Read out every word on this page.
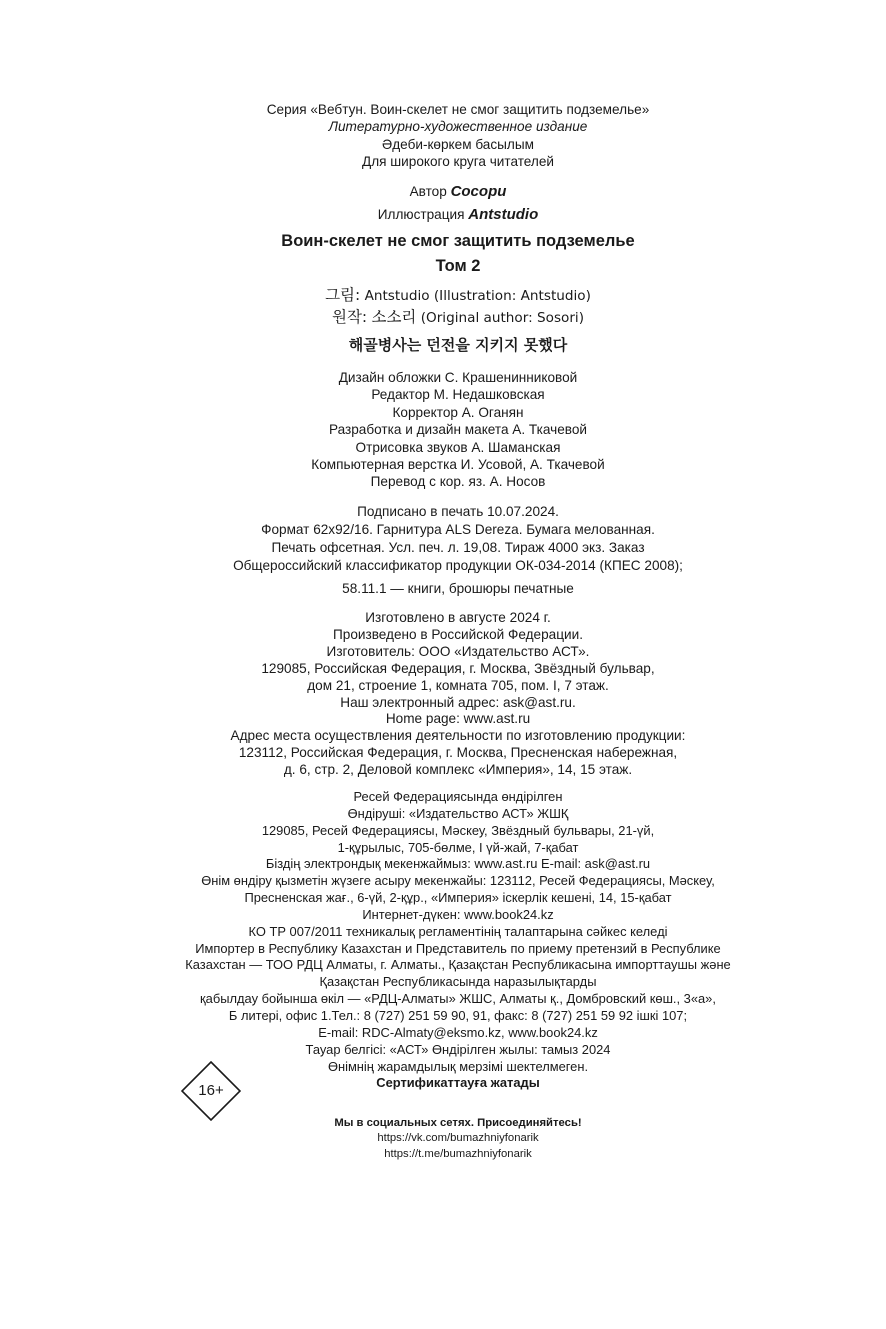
Серия «Вебтун. Воин-скелет не смог защитить подземелье»
Литературно-художественное издание
Әдеби-көркем басылым
Для широкого круга читателей
Автор Сосори
Иллюстрация Antstudio
Воин-скелет не смог защитить подземелье
Том 2
그림: Antstudio (Illustration: Antstudio)
원작: 소소리 (Original author: Sosori)
해골병사는 던전을 지키지 못했다
Дизайн обложки С. Крашенинниковой
Редактор М. Недашковская
Корректор А. Оганян
Разработка и дизайн макета А. Ткачевой
Отрисовка звуков А. Шаманская
Компьютерная верстка И. Усовой, А. Ткачевой
Перевод с кор. яз. А. Носов
Подписано в печать 10.07.2024.
Формат 62x92/16. Гарнитура ALS Dereza. Бумага мелованная.
Печать офсетная. Усл. печ. л. 19,08. Тираж 4000 экз. Заказ
Общероссийский классификатор продукции ОК-034-2014 (КПЕС 2008);
58.11.1 — книги, брошюры печатные
Изготовлено в августе 2024 г.
Произведено в Российской Федерации.
Изготовитель: ООО «Издательство АСТ».
129085, Российская Федерация, г. Москва, Звёздный бульвар,
дом 21, строение 1, комната 705, пом. I, 7 этаж.
Наш электронный адрес: ask@ast.ru.
Home page: www.ast.ru
Адрес места осуществления деятельности по изготовлению продукции:
123112, Российская Федерация, г. Москва, Пресненская набережная,
д. 6, стр. 2, Деловой комплекс «Империя», 14, 15 этаж.
Ресей Федерациясында өндірілген
Өндіруші: «Издательство АСТ» ЖШҚ
129085, Ресей Федерациясы, Мәскеу, Звёздный бульвары, 21-үй,
1-құрылыс, 705-бөлме, I үй-жай, 7-қабат
Біздің электрондық мекенжаймыз: www.ast.ru E-mail: ask@ast.ru
Өнім өндіру қызметін жүзеге асыру мекенжайы: 123112, Ресей Федерациясы, Мәскеу,
Пресненская жағ., 6-үй, 2-құр., «Империя» іскерлік кешені, 14, 15-қабат
Интернет-дүкен: www.book24.kz
КО ТР 007/2011 техникалық регламентінің талаптарына сәйкес келеді
Импортер в Республику Казахстан и Представитель по приему претензий в Республике
Казахстан — ТОО РДЦ Алматы, г. Алматы., Қазақстан Республикасына импорттаушы және
Қазақстан Республикасында наразылықтарды
қабылдау бойынша өкіл — «РДЦ-Алматы» ЖШС, Алматы қ., Домбровский көш., 3«а»,
Б литері, офис 1.Тел.: 8 (727) 251 59 90, 91, факс: 8 (727) 251 59 92 ішкі 107;
E-mail: RDC-Almaty@eksmo.kz, www.book24.kz
Тауар белгісі: «АСТ» Өндірілген жылы: тамыз 2024
Өнімнің жарамдылық мерзімі шектелмеген.
Сертификаттауға жатады
16+
Мы в социальных сетях. Присоединяйтесь!
https://vk.com/bumazhniyfonarik
https://t.me/bumazhniyfonarik
